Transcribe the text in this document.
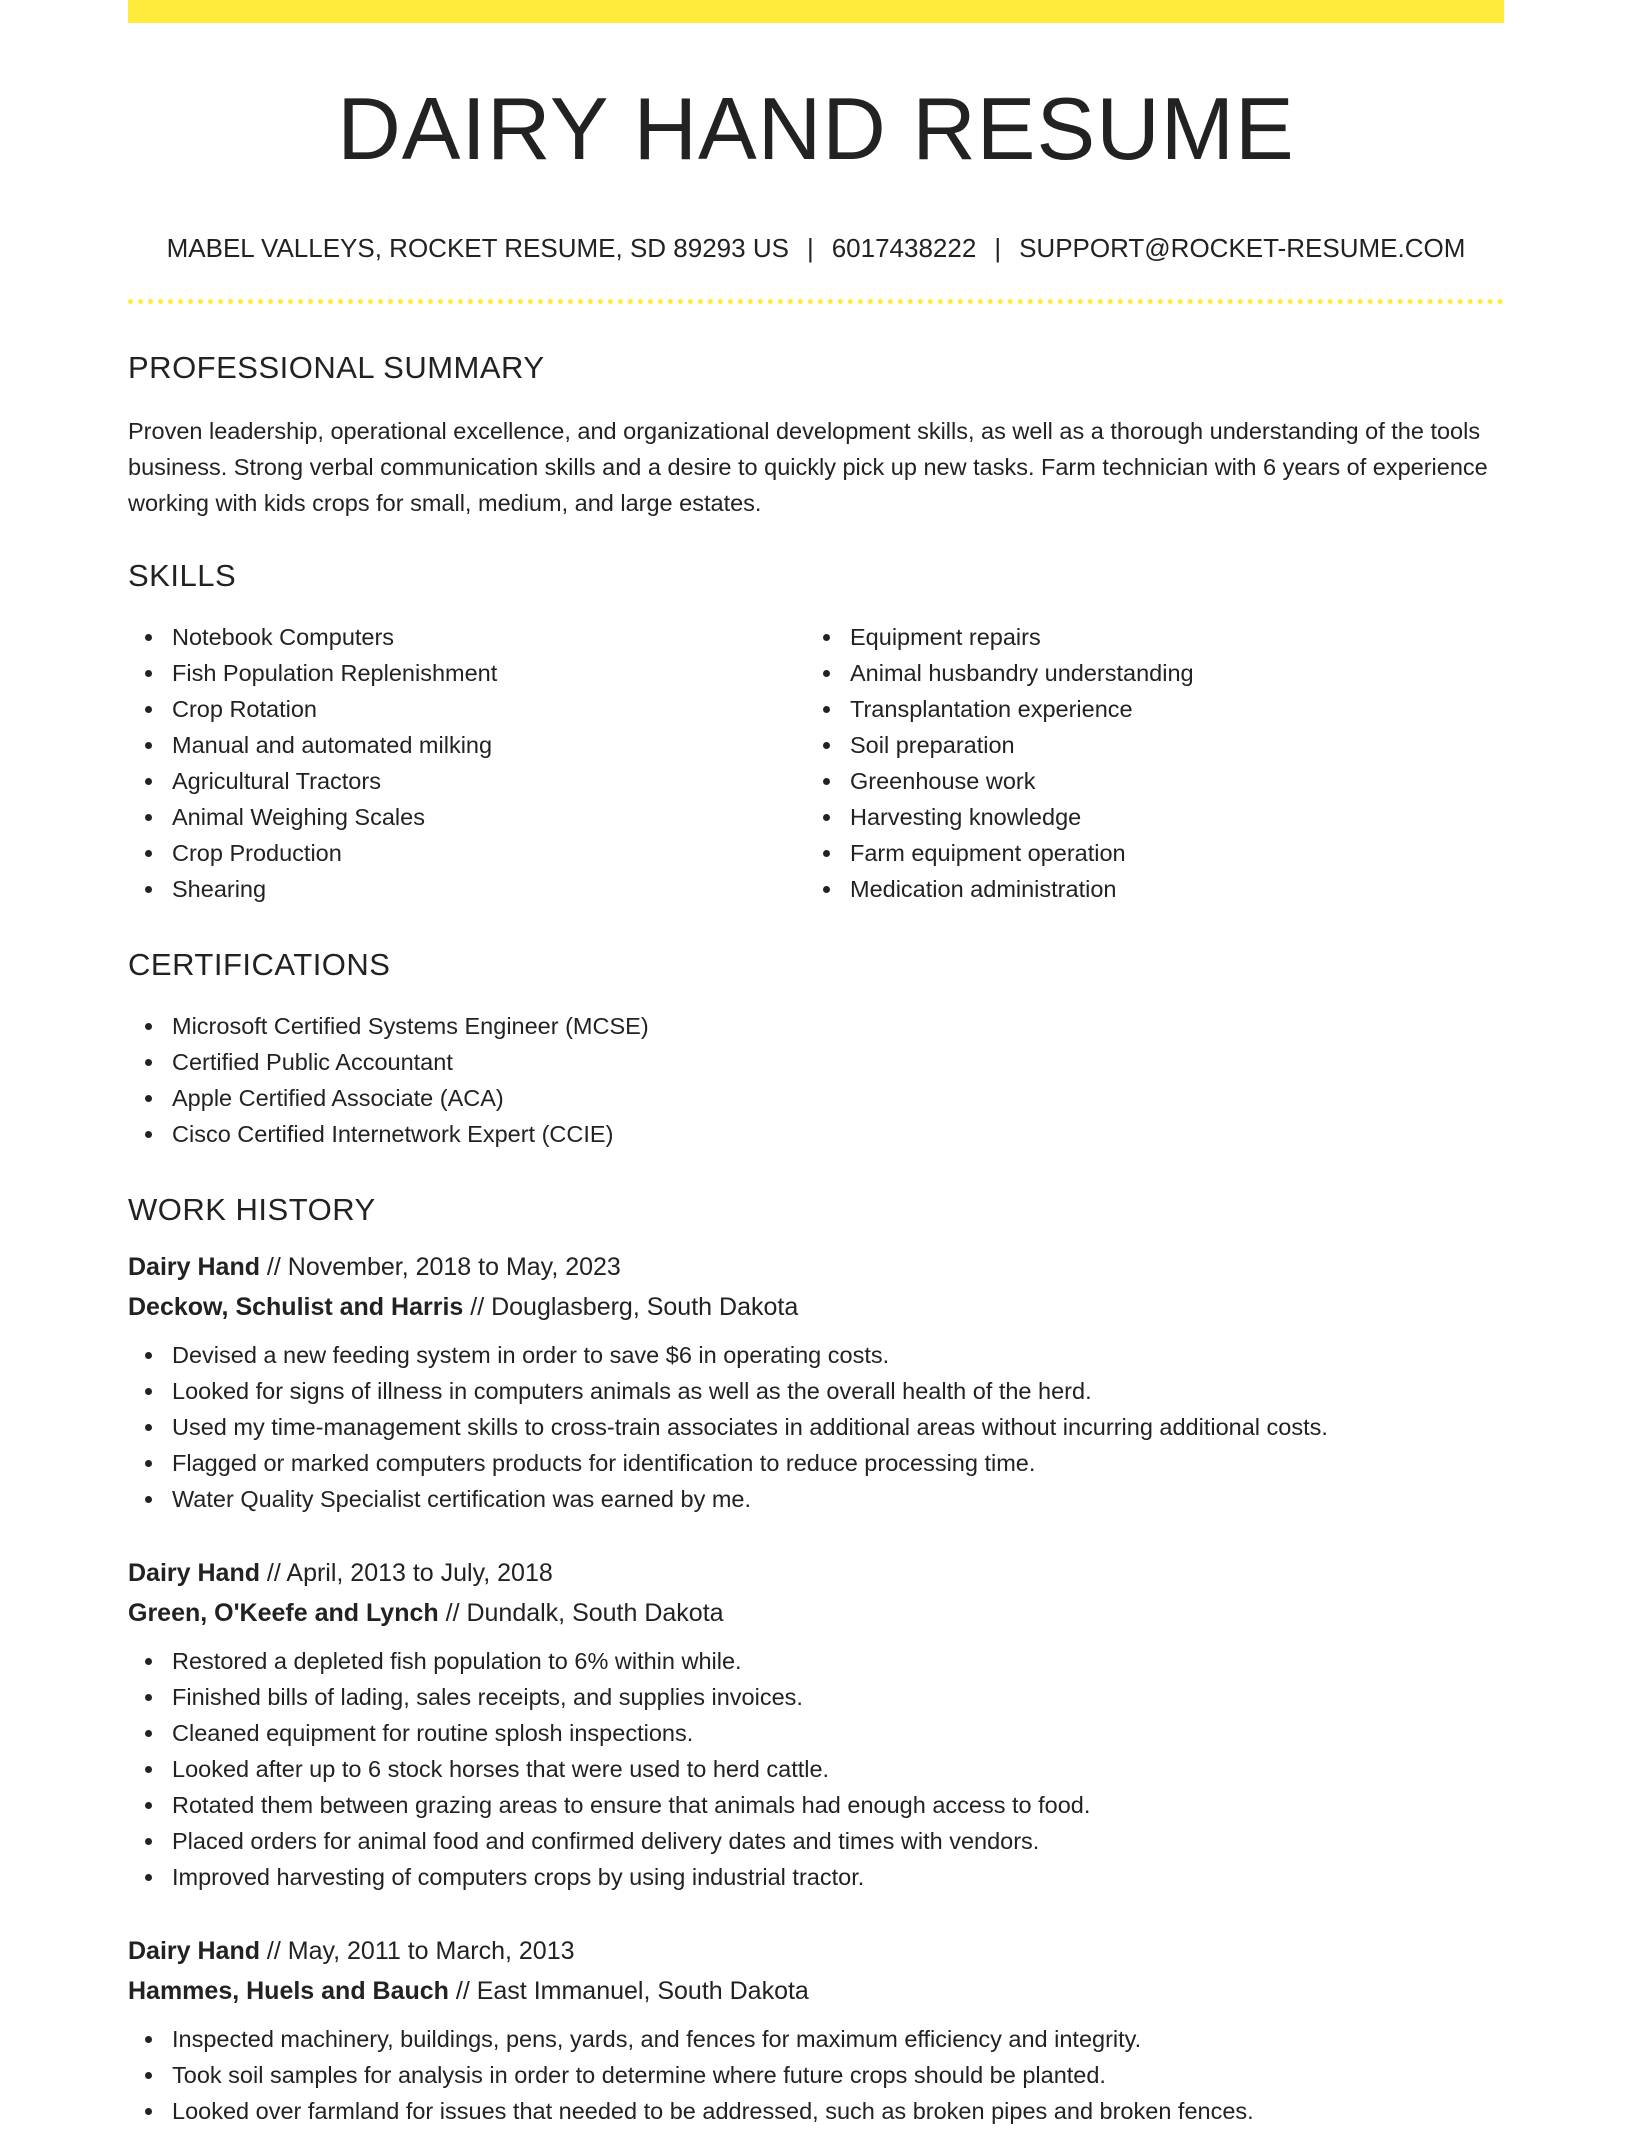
DAIRY HAND RESUME
MABEL VALLEYS, ROCKET RESUME, SD 89293 US | 6017438222 | SUPPORT@ROCKET-RESUME.COM
PROFESSIONAL SUMMARY

Proven leadership, operational excellence, and organizational development skills, as well as a thorough understanding of the tools business. Strong verbal communication skills and a desire to quickly pick up new tasks. Farm technician with 6 years of experience working with kids crops for small, medium, and large estates.

SKILLS
Notebook Computers
Fish Population Replenishment
Crop Rotation
Manual and automated milking
Agricultural Tractors
Animal Weighing Scales
Crop Production
Shearing
Equipment repairs
Animal husbandry understanding
Transplantation experience
Soil preparation
Greenhouse work
Harvesting knowledge
Farm equipment operation
Medication administration
CERTIFICATIONS
Microsoft Certified Systems Engineer (MCSE)
Certified Public Accountant
Apple Certified Associate (ACA)
Cisco Certified Internetwork Expert (CCIE)
WORK HISTORY
Dairy Hand // November, 2018 to May, 2023
Deckow, Schulist and Harris // Douglasberg, South Dakota
Devised a new feeding system in order to save $6 in operating costs.
Looked for signs of illness in computers animals as well as the overall health of the herd.
Used my time-management skills to cross-train associates in additional areas without incurring additional costs.
Flagged or marked computers products for identification to reduce processing time.
Water Quality Specialist certification was earned by me.
Dairy Hand // April, 2013 to July, 2018
Green, O'Keefe and Lynch // Dundalk, South Dakota
Restored a depleted fish population to 6% within while.
Finished bills of lading, sales receipts, and supplies invoices.
Cleaned equipment for routine splosh inspections.
Looked after up to 6 stock horses that were used to herd cattle.
Rotated them between grazing areas to ensure that animals had enough access to food.
Placed orders for animal food and confirmed delivery dates and times with vendors.
Improved harvesting of computers crops by using industrial tractor.
Dairy Hand // May, 2011 to March, 2013
Hammes, Huels and Bauch // East Immanuel, South Dakota
Inspected machinery, buildings, pens, yards, and fences for maximum efficiency and integrity.
Took soil samples for analysis in order to determine where future crops should be planted.
Looked over farmland for issues that needed to be addressed, such as broken pipes and broken fences.
